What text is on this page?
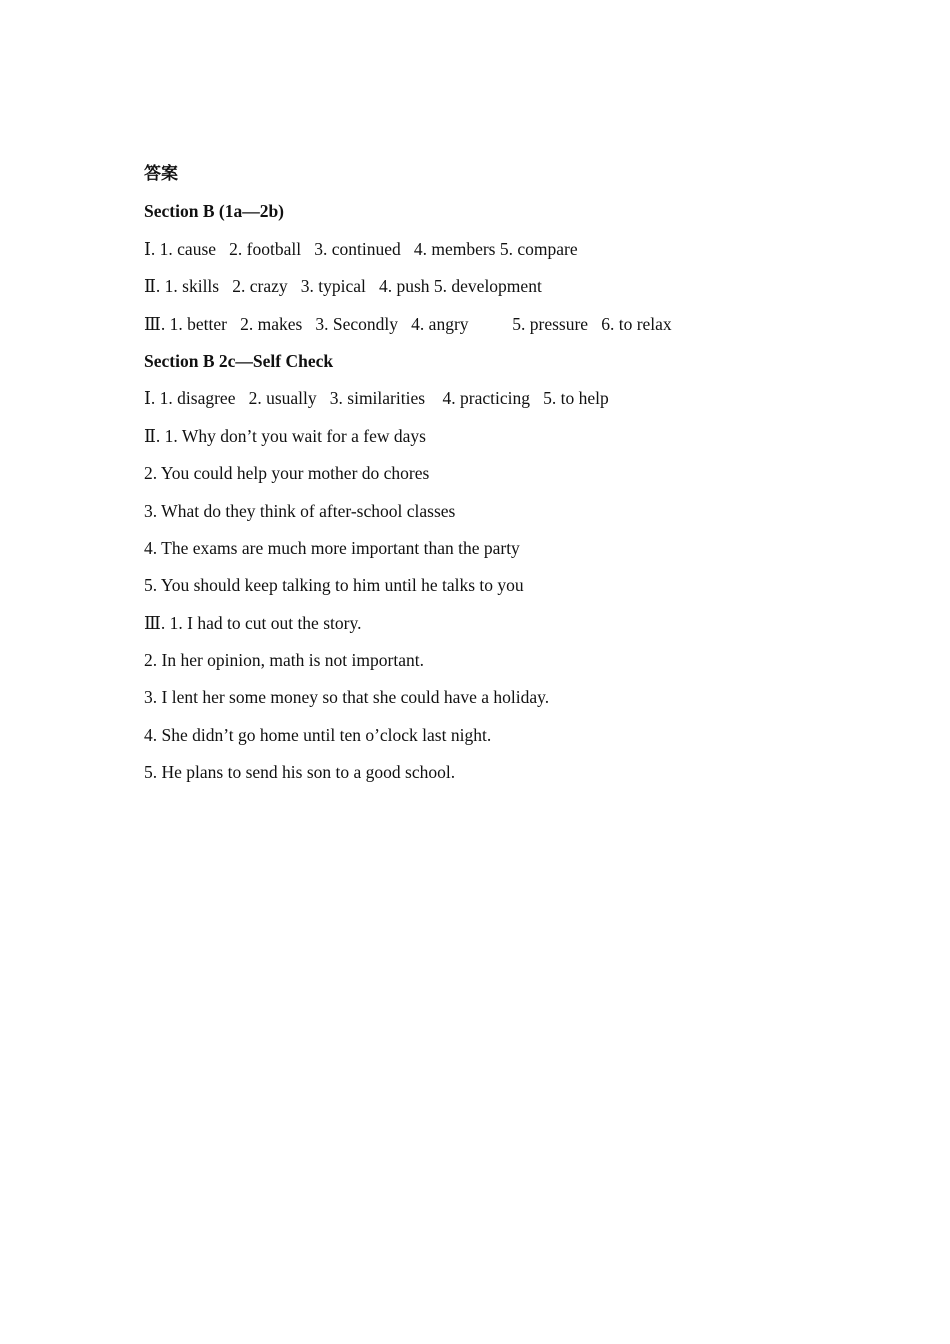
答案
Section B (1a—2b)
Ⅰ. 1. cause   2. football   3. continued   4. members 5. compare
Ⅱ. 1. skills   2. crazy   3. typical   4. push 5. development
Ⅲ. 1. better   2. makes   3. Secondly   4. angry          5. pressure   6. to relax
Section B 2c—Self Check
Ⅰ. 1. disagree   2. usually   3. similarities    4. practicing   5. to help
Ⅱ. 1. Why don’t you wait for a few days
2. You could help your mother do chores
3. What do they think of after-school classes
4. The exams are much more important than the party
5. You should keep talking to him until he talks to you
Ⅲ. 1. I had to cut out the story.
2. In her opinion, math is not important.
3. I lent her some money so that she could have a holiday.
4. She didn’t go home until ten o’clock last night.
5. He plans to send his son to a good school.
